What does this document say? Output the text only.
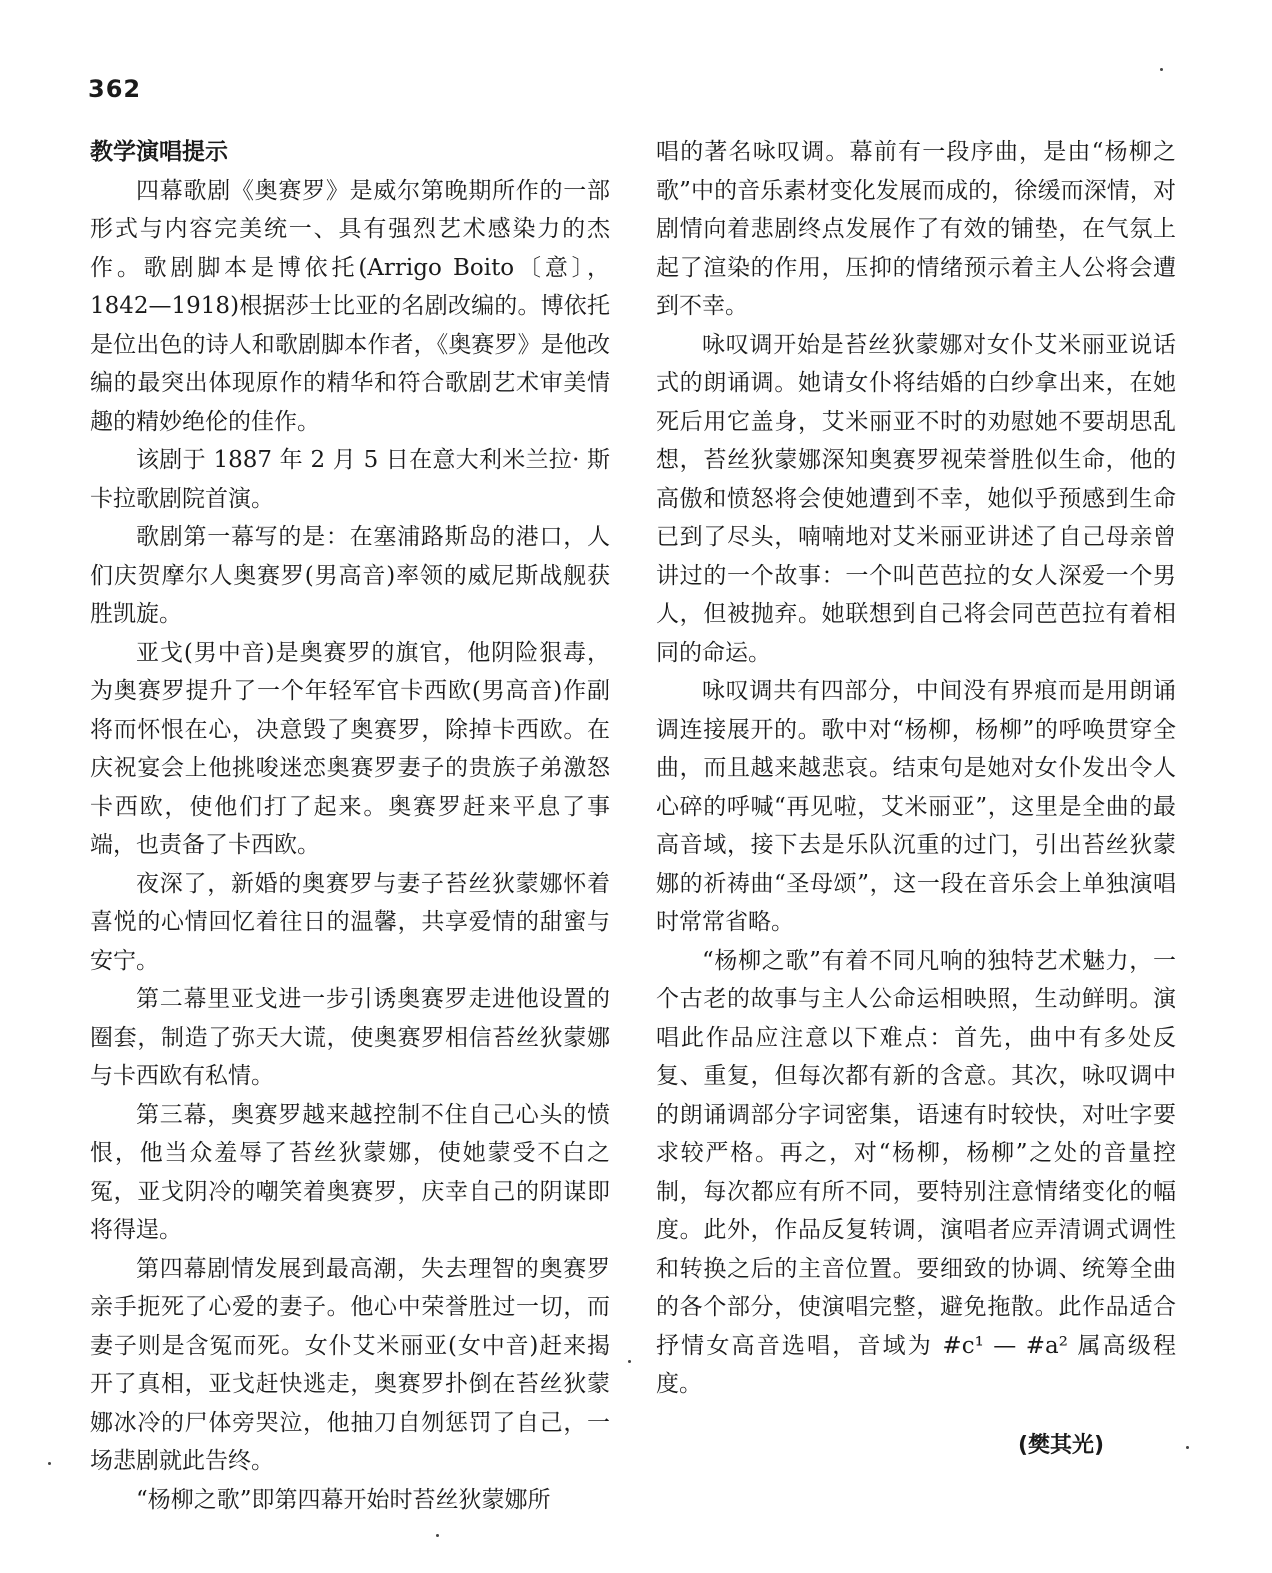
362
教学演唱提示

四幕歌剧《奥赛罗》是威尔第晚期所作的一部形式与内容完美统一、具有强烈艺术感染力的杰作。歌剧脚本是博依托(Arrigo Boito〔意〕，1842—1918)根据莎士比亚的名剧改编的。博依托是位出色的诗人和歌剧脚本作者，《奥赛罗》是他改编的最突出体现原作的精华和符合歌剧艺术审美情趣的精妙绝伦的佳作。

该剧于 1887 年 2 月 5 日在意大利米兰拉· 斯卡拉歌剧院首演。

歌剧第一幕写的是：在塞浦路斯岛的港口，人们庆贺摩尔人奥赛罗(男高音)率领的威尼斯战舰获胜凯旋。

亚戈(男中音)是奥赛罗的旗官，他阴险狠毒，为奥赛罗提升了一个年轻军官卡西欧(男高音)作副将而怀恨在心，决意毁了奥赛罗，除掉卡西欧。在庆祝宴会上他挑唆迷恋奥赛罗妻子的贵族子弟激怒卡西欧，使他们打了起来。奥赛罗赶来平息了事端，也责备了卡西欧。

夜深了，新婚的奥赛罗与妻子苔丝狄蒙娜怀着喜悦的心情回忆着往日的温馨，共享爱情的甜蜜与安宁。

第二幕里亚戈进一步引诱奥赛罗走进他设置的圈套，制造了弥天大谎，使奥赛罗相信苔丝狄蒙娜与卡西欧有私情。

第三幕，奥赛罗越来越控制不住自己心头的愤恨，他当众羞辱了苔丝狄蒙娜，使她蒙受不白之冤，亚戈阴冷的嘲笑着奥赛罗，庆幸自己的阴谋即将得逞。

第四幕剧情发展到最高潮，失去理智的奥赛罗亲手扼死了心爱的妻子。他心中荣誉胜过一切，而妻子则是含冤而死。女仆艾米丽亚(女中音)赶来揭开了真相，亚戈赶快逃走，奥赛罗扑倒在苔丝狄蒙娜冰冷的尸体旁哭泣，他抽刀自刎惩罚了自己，一场悲剧就此告终。

“杨柳之歌”即第四幕开始时苔丝狄蒙娜所

唱的著名咏叹调。幕前有一段序曲，是由“杨柳之歌”中的音乐素材变化发展而成的，徐缓而深情，对剧情向着悲剧终点发展作了有效的铺垫，在气氛上起了渲染的作用，压抑的情绪预示着主人公将会遭到不幸。

咏叹调开始是苔丝狄蒙娜对女仆艾米丽亚说话式的朗诵调。她请女仆将结婚的白纱拿出来，在她死后用它盖身，艾米丽亚不时的劝慰她不要胡思乱想，苔丝狄蒙娜深知奥赛罗视荣誉胜似生命，他的高傲和愤怒将会使她遭到不幸，她似乎预感到生命已到了尽头，喃喃地对艾米丽亚讲述了自己母亲曾讲过的一个故事：一个叫芭芭拉的女人深爱一个男人，但被抛弃。她联想到自己将会同芭芭拉有着相同的命运。

咏叹调共有四部分，中间没有界痕而是用朗诵调连接展开的。歌中对“杨柳，杨柳”的呼唤贯穿全曲，而且越来越悲哀。结束句是她对女仆发出令人心碎的呼喊“再见啦，艾米丽亚”，这里是全曲的最高音域，接下去是乐队沉重的过门，引出苔丝狄蒙娜的祈祷曲“圣母颂”，这一段在音乐会上单独演唱时常常省略。

“杨柳之歌”有着不同凡响的独特艺术魅力，一个古老的故事与主人公命运相映照，生动鲜明。演唱此作品应注意以下难点：首先，曲中有多处反复、重复，但每次都有新的含意。其次，咏叹调中的朗诵调部分字词密集，语速有时较快，对吐字要求较严格。再之，对“杨柳，杨柳”之处的音量控制，每次都应有所不同，要特别注意情绪变化的幅度。此外，作品反复转调，演唱者应弄清调式调性和转换之后的主音位置。要细致的协调、统筹全曲的各个部分，使演唱完整，避免拖散。此作品适合抒情女高音选唱，音域为 #c¹ — #a² 属高级程度。

(樊其光)
